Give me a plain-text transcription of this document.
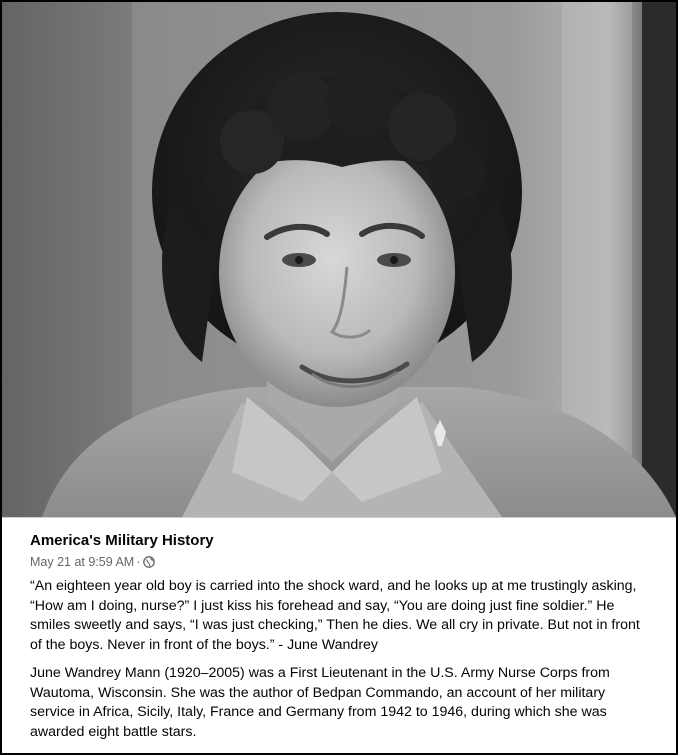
America's Military History
May 21 at 9:59 AM ·

“An eighteen year old boy is carried into the shock ward, and he looks up at me trustingly asking, “How am I doing, nurse?” I just kiss his forehead and say, “You are doing just fine soldier.” He smiles sweetly and says, “I was just checking,” Then he dies. We all cry in private. But not in front of the boys. Never in front of the boys.” - June Wandrey

June Wandrey Mann (1920–2005) was a First Lieutenant in the U.S. Army Nurse Corps from Wautoma, Wisconsin. She was the author of Bedpan Commando, an account of her military service in Africa, Sicily, Italy, France and Germany from 1942 to 1946, during which she was awarded eight battle stars.
